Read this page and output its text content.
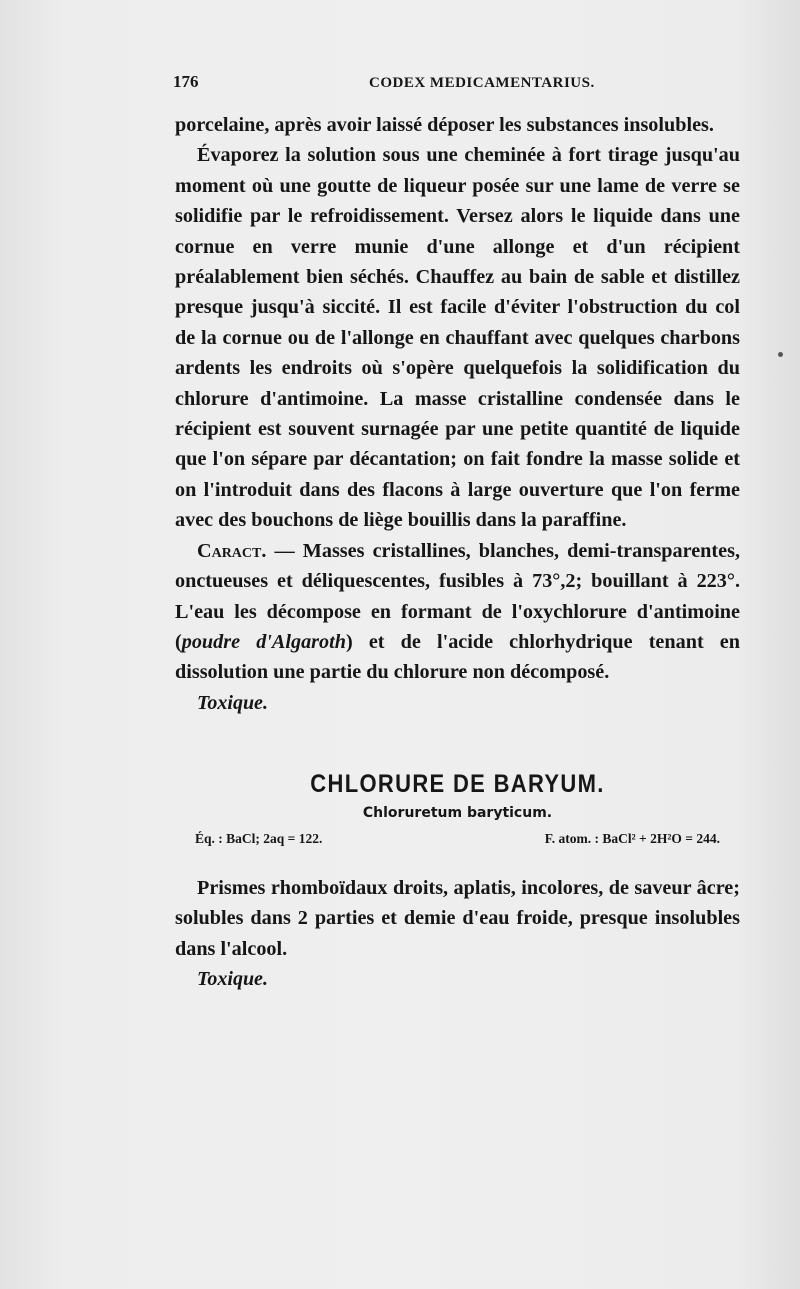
176	CODEX MEDICAMENTARIUS.

porcelaine, après avoir laissé déposer les substances insolubles.

Évaporez la solution sous une cheminée à fort tirage jusqu'au moment où une goutte de liqueur posée sur une lame de verre se solidifie par le refroidissement. Versez alors le liquide dans une cornue en verre munie d'une allonge et d'un récipient préalablement bien séchés. Chauffez au bain de sable et distillez presque jusqu'à siccité. Il est facile d'éviter l'obstruction du col de la cornue ou de l'allonge en chauffant avec quelques charbons ardents les endroits où s'opère quelquefois la solidification du chlorure d'antimoine. La masse cristalline condensée dans le récipient est souvent surnagée par une petite quantité de liquide que l'on sépare par décantation; on fait fondre la masse solide et on l'introduit dans des flacons à large ouverture que l'on ferme avec des bouchons de liège bouillis dans la paraffine.

Caract. — Masses cristallines, blanches, demi-transparentes, onctueuses et déliquescentes, fusibles à 73°,2; bouillant à 223°. L'eau les décompose en formant de l'oxychlorure d'antimoine (poudre d'Algaroth) et de l'acide chlorhydrique tenant en dissolution une partie du chlorure non décomposé.

Toxique.

CHLORURE DE BARYUM.
Chloruretum baryticum.
Éq. : BaCl; 2aq = 122.	F. atom. : BaCl² + 2H²O = 244.

Prismes rhomboïdaux droits, aplatis, incolores, de saveur âcre; solubles dans 2 parties et demie d'eau froide, presque insolubles dans l'alcool.

Toxique.
